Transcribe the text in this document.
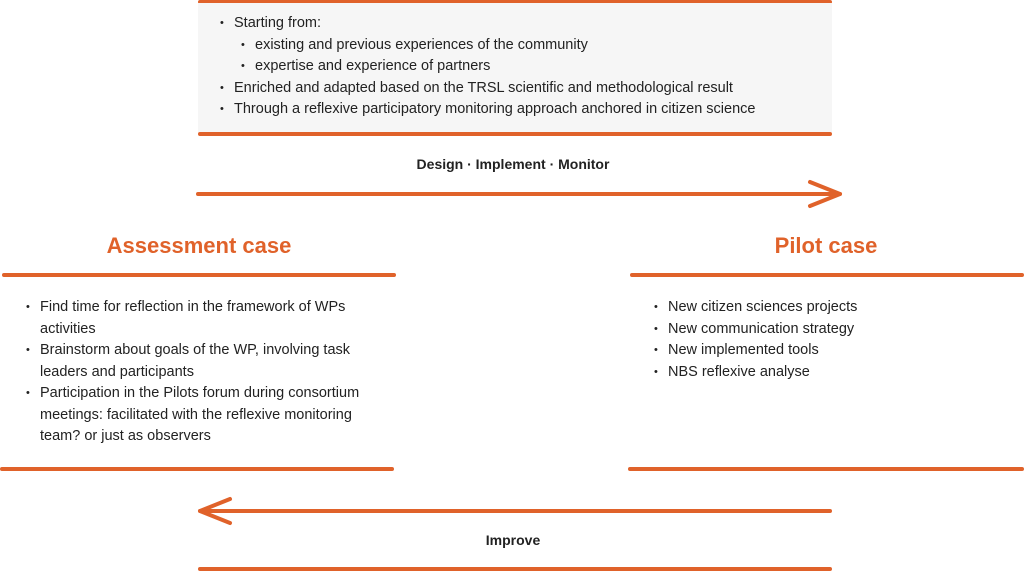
• Starting from:
• existing and previous experiences of the community
• expertise and experience of partners
• Enriched and adapted based on the TRSL scientific and methodological result
• Through a reflexive participatory monitoring approach anchored in citizen science
Design · Implement · Monitor
Assessment case
• Find time for reflection in the framework of WPs activities
• Brainstorm about goals of the WP, involving task leaders and participants
• Participation in the Pilots forum during consortium meetings: facilitated with the reflexive monitoring team? or just as observers
Pilot case
• New citizen sciences projects
• New communication strategy
• New implemented tools
• NBS reflexive analyse
Improve
